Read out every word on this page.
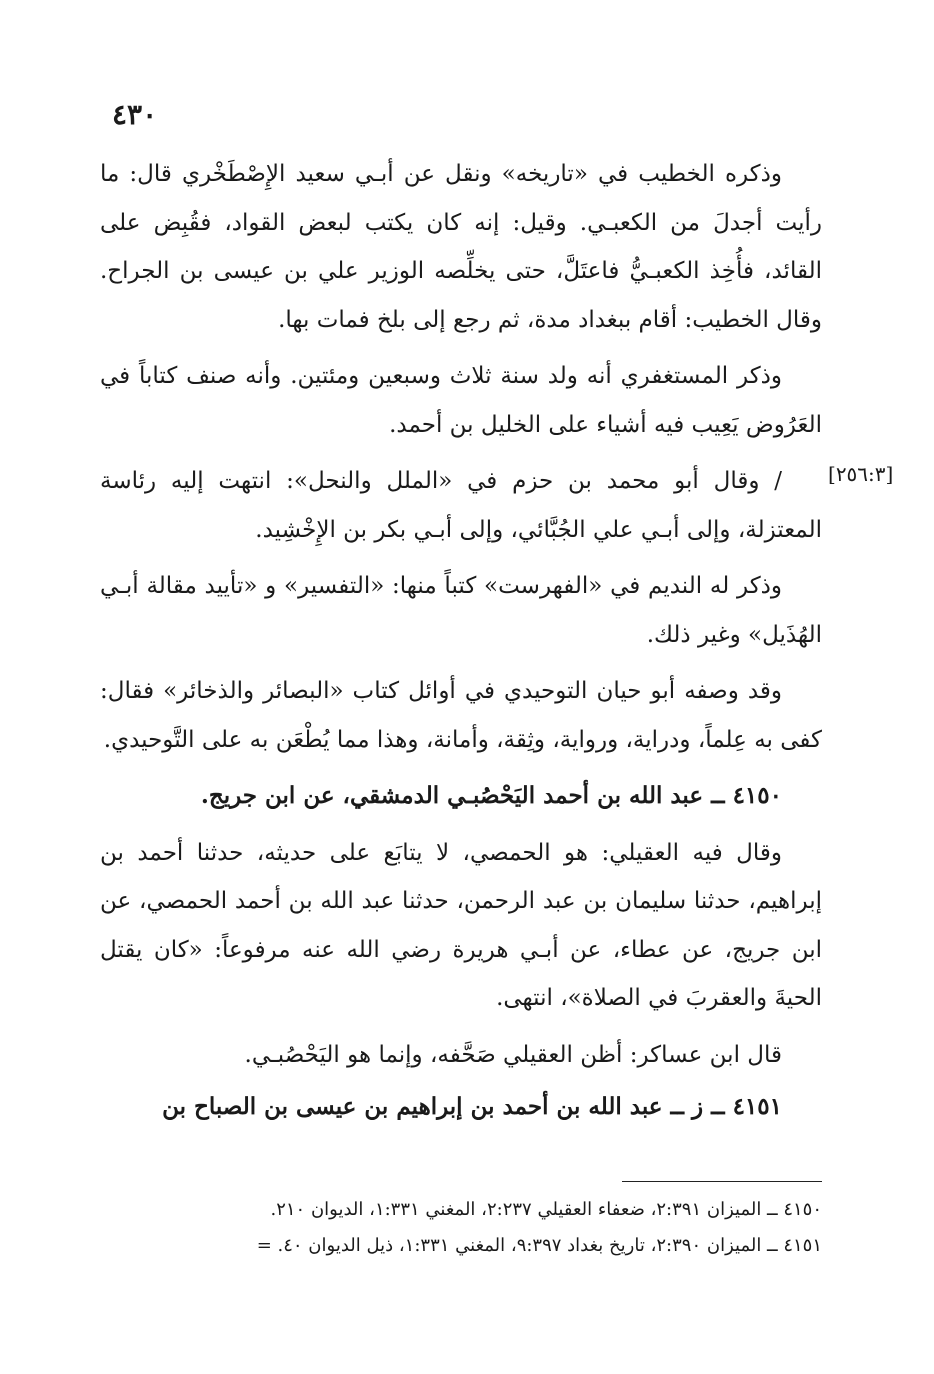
٤٣٠
[٢٥٦:٣]

وذكره الخطيب في «تاريخه» ونقل عن أبـي سعيد الإِصْطَخْري قال: ما رأيت أجدلَ من الكعبـي. وقيل: إنه كان يكتب لبعض القواد، فقُبِض على القائد، فأُخِذ الكعبـيُّ فاعتَلَّ، حتى يخلِّصه الوزير علي بن عيسى بن الجراح. وقال الخطيب: أقام ببغداد مدة، ثم رجع إلى بلخ فمات بها.

وذكر المستغفري أنه ولد سنة ثلاث وسبعين ومئتين. وأنه صنف كتاباً في العَرُوض يَعِيب فيه أشياء على الخليل بن أحمد.

/ وقال أبو محمد بن حزم في «الملل والنحل»: انتهت إليه رئاسة المعتزلة، وإلى أبـي علي الجُبَّائي، وإلى أبـي بكر بن الإِخْشِيد.

وذكر له النديم في «الفهرست» كتباً منها: «التفسير» و «تأييد مقالة أبـي الهُذَيل» وغير ذلك.

وقد وصفه أبو حيان التوحيدي في أوائل كتاب «البصائر والذخائر» فقال: كفى به عِلماً، ودراية، ورواية، وثِقة، وأمانة، وهذا مما يُطْعَن به على التَّوحيدي.

٤١٥٠ ــ عبد الله بن أحمد اليَحْصُبـي الدمشقي، عن ابن جريج.

وقال فيه العقيلي: هو الحمصي، لا يتابَع على حديثه، حدثنا أحمد بن إبراهيم، حدثنا سليمان بن عبد الرحمن، حدثنا عبد الله بن أحمد الحمصي، عن ابن جريج، عن عطاء، عن أبـي هريرة رضي الله عنه مرفوعاً: «كان يقتل الحيةَ والعقربَ في الصلاة»، انتهى.

قال ابن عساكر: أظن العقيلي صَحَّفه، وإنما هو اليَحْصُبـي.

٤١٥١ ــ ز ــ عبد الله بن أحمد بن إبراهيم بن عيسى بن الصباح بن

٤١٥٠ ــ الميزان ٢:٣٩١، ضعفاء العقيلي ٢:٢٣٧، المغني ١:٣٣١، الديوان ٢١٠.

٤١٥١ ــ الميزان ٢:٣٩٠، تاريخ بغداد ٩:٣٩٧، المغني ١:٣٣١، ذيل الديوان ٤٠. =
